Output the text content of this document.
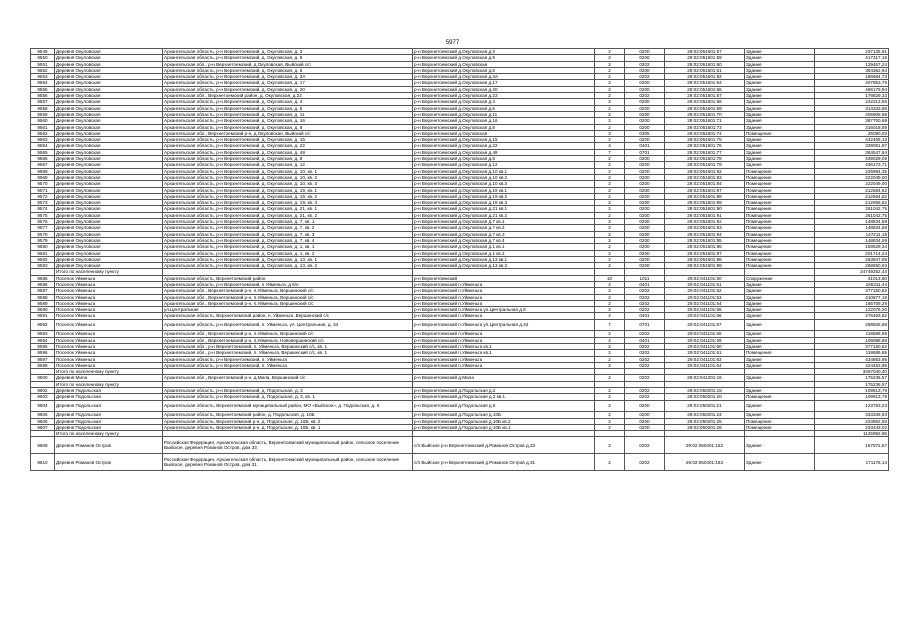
5977
9549	Деревня Окуловская	Архангельская область, р-н Верхнетоемский, д. Окуловская, д. 3	р-н Верхнетоемский д.Окуловская д.3	2	0200	29:02:051601:57	Здание	237135,91
9550	Деревня Окуловская	Архангельская область, р-н Верхнетоемский, д. Окуловская, д. 9	р-н Верхнетоемский д.Окуловская д.9	2	0200	29:02:051601:59	Здание	417317,16
9551	Деревня Окуловская	Архангельская обл., р-н Верхнетоемский, д.Окуловская, Выйский с/с	р-н Верхнетоемский д.Окуловская	2	0202	29:02:051601:60	Здание	129457,24
9552	Деревня Окуловская	Архангельская область, р-н Верхнетоемский, д. Окуловская, д. 5	р-н Верхнетоемский д.Окуловская д.5	2	0200	29:02:051601:61	Здание	384362,94
9553	Деревня Окуловская	Архангельская область, р-н Верхнетоемский, д. Окуловская, д. 3А	р-н Верхнетоемский д.Окуловская д.3А	2	0202	29:02:051601:62	Здание	186684,73
9554	Деревня Окуловская	Архангельская область, р-н Верхнетоемский, д. Окуловская, д. 17	р-н Верхнетоемский д.Окуловская д.17	2	0200	29:02:051601:64	Здание	407853,75
9555	Деревня Окуловская	Архангельская область, р-н Верхнетоемский, д. Окуловская, д. 20	р-н Верхнетоемский д.Окуловская д.20	2	0200	29:02:051601:66	Здание	466179,94
9556	Деревня Окуловская	Архангельская обл., Верхнетоемский район, д. Окуловская, д.23	р-н Верхнетоемский д.Окуловская д.23	2	0202	29:02:051601:67	Здание	178829,33
9557	Деревня Окуловская	Архангельская область, р-н Верхнетоемский, д. Окуловская, д. 4	р-н Верхнетоемский д.Окуловская д.4	2	0200	29:02:051601:68	Здание	242313,55
9558	Деревня Окуловская	Архангельская область, р-н Верхнетоемский, д. Окуловская, д. 5	р-н Верхнетоемский д.Окуловская д.5	2	0200	29:02:051601:69	Здание	314333,95
9559	Деревня Окуловская	Архангельская область, р-н Верхнетоемский, д. Окуловская, д. 11	р-н Верхнетоемский д.Окуловская д.11	2	0200	29:02:051601:70	Здание	405908,98
9560	Деревня Окуловская	Архангельская область, р-н Верхнетоемский, д. Окуловская, д. 16	р-н Верхнетоемский д.Окуловская д.16	2	0200	29:02:051601:71	Здание	387700,69
9561	Деревня Окуловская	Архангельская область, р-н Верхнетоемский, д. Окуловская, д. 8	р-н Верхнетоемский д.Окуловская д.8	2	0200	29:02:051601:73	Здание	316018,69
9562	Деревня Окуловская	Архангельская обл., Верхнетоемский р-н, д.Окуловская, Выйский с/с	р-н Верхнетоемский д.Окуловская	3	0305	29:02:051601:74	Помещение	25090,03
9563	Деревня Окуловская	Архангельская область, р-н Верхнетоемский, д. Окуловская, д. 15	р-н Верхнетоемский д.Окуловская д.15	2	0200	29:02:051601:75	Здание	442405,13
9564	Деревня Окуловская	Архангельская область, р-н Верхнетоемский, д. Окуловская, д. 22	р-н Верхнетоемский д.Окуловская д.22	4	0401	29:02:051601:76	Здание	339081,97
9565	Деревня Окуловская	Архангельская область, р-н Верхнетоемский, д. Окуловская, д. 48	р-н Верхнетоемский д.Окуловская д.48	7	0701	29:02:051601:77	Здание	364547,64
9566	Деревня Окуловская	Архангельская область, р-н Верхнетоемский, д. Окуловская, д. 8	р-н Верхнетоемский д.Окуловская д.8	2	0200	29:02:051601:78	Здание	439029,09
9567	Деревня Окуловская	Архангельская область, р-н Верхнетоемский, д. Окуловская, д. 12	р-н Верхнетоемский д.Окуловская д.12	2	0200	29:02:051601:79	Здание	436173,71
9568	Деревня Окуловская	Архангельская область, р-н Верхнетоемский, д. Окуловская, д. 10, кв. 1	р-н Верхнетоемский д.Окуловская д.10 кв.1	2	0200	29:02:051601:82	Помещение	225994,35
9569	Деревня Окуловская	Архангельская область, р-н Верхнетоемский, д. Окуловская, д. 10, кв. 2	р-н Верхнетоемский д.Окуловская д.10 кв.2	2	0200	29:02:051601:83	Помещение	222049,00
9570	Деревня Окуловская	Архангельская область, р-н Верхнетоемский, д. Окуловская, д. 10, кв. 3	р-н Верхнетоемский д.Окуловская д.10 кв.3	2	0200	29:02:051601:84	Помещение	222049,00
9571	Деревня Окуловская	Архангельская область, р-н Верхнетоемский, д. Окуловская, д. 19, кв. 1	р-н Верхнетоемский д.Окуловская д.19 кв.1	2	0200	29:02:051601:87	Помещение	212584,62
9572	Деревня Окуловская	Архангельская область, р-н Верхнетоемский, д. Окуловская, д. 19, кв. 2	р-н Верхнетоемский д.Окуловская д.19 кв.2	2	0200	29:02:051601:88	Помещение	212584,62
9573	Деревня Окуловская	Архангельская область, р-н Верхнетоемский, д. Окуловская, д. 19, кв. 3	р-н Верхнетоемский д.Окуловская д.19 кв.3	2	0200	29:02:051601:89	Помещение	212556,62
9574	Деревня Окуловская	Архангельская область, р-н Верхнетоемский, д. Окуловская, д. 21, кв. 1	р-н Верхнетоемский д.Окуловская д.21 кв.1	2	0200	29:02:051601:90	Помещение	261042,75
9575	Деревня Окуловская	Архангельская область, р-н Верхнетоемский, д. Окуловская, д. 21, кв. 2	р-н Верхнетоемский д.Окуловская д.21 кв.2	2	0200	29:02:051601:91	Помещение	261042,75
9576	Деревня Окуловская	Архангельская область, р-н Верхнетоемский, д. Окуловская, д. 7, кв. 1	р-н Верхнетоемский д.Окуловская д.7 кв.1	2	0200	29:02:051601:92	Помещение	148834,59
9577	Деревня Окуловская	Архангельская область, р-н Верхнетоемский, д. Окуловская, д. 7, кв. 2	р-н Верхнетоемский д.Окуловская д.7 кв.2	2	0200	29:02:051601:93	Помещение	148834,59
9578	Деревня Окуловская	Архангельская область, р-н Верхнетоемский, д. Окуловская, д. 7, кв. 3	р-н Верхнетоемский д.Окуловская д.7 кв.3	2	0200	29:02:051601:94	Помещение	147211,18
9579	Деревня Окуловская	Архангельская область, р-н Верхнетоемский, д. Окуловская, д. 7, кв. 4	р-н Верхнетоемский д.Окуловская д.7 кв.4	2	0200	29:02:051601:95	Помещение	148834,59
9580	Деревня Окуловская	Архангельская область, р-н Верхнетоемский, д. Окуловская, д. 1, кв. 1	р-н Верхнетоемский д.Окуловская д.1 кв.1	2	0200	29:02:051601:96	Помещение	159529,34
9581	Деревня Окуловская	Архангельская область, р-н Верхнетоемский, д. Окуловская, д. 1, кв. 2	р-н Верхнетоемский д.Окуловская д.1 кв.2	2	0200	29:02:051601:97	Помещение	201714,24
9582	Деревня Окуловская	Архангельская область, р-н Верхнетоемский, д. Окуловская, д. 13, кв. 1	р-н Верхнетоемский д.Окуловская д.13 кв.1	2	0200	29:02:051601:98	Помещение	263847,65
9583	Деревня Окуловская	Архангельская область, р-н Верхнетоемский, д. Окуловская, д. 13, кв. 2	р-н Верхнетоемский д.Окуловская д.13 кв.2	2	0200	29:02:051601:99	Помещение	268650,63
	Итого по населенному пункту							24749252,44
9585	Поселок Уйменьга	Архангельская область, Верхнетоемский район	р-н Верхнетоемский	10	1011	29:02:041101:50	Сооружение	41013,50
9586	Поселок Уйменьга	Архангельская область, р-н Верхнетоемский, п Уйменьга, д 6/н	р-н Верхнетоемский п.Уйменьга	4	0401	29:02:041101:51	Здание	185311,44
9587	Поселок Уйменьга	Архангельская обл., Верхнетоемский р-н, п.Уйменьга, Вершинский с/с	р-н Верхнетоемский п.Уйменьга	2	0202	29:02:041101:52	Здание	377150,82
9588	Поселок Уйменьга	Архангельская обл., Верхнетоемский р-н, п.Уйменьга, Вершинский с/с	р-н Верхнетоемский п.Уйменьга	2	0202	29:02:041101:53	Здание	410877,16
9589	Поселок Уйменьга	Архангельская обл., Верхнетоемский р-н, п.Уйменьга, Вершинский с/с	р-н Верхнетоемский п.Уйменьга	2	0202	29:02:041101:54	Здание	186709,29
9590	Поселок Уйменьга	ул.Центральная	р-н Верхнетоемский п.Уйменьга ул.Центральная д.8	2	0202	29:02:041101:55	Здание	122076,20
9591	Поселок Уйменьга	Архангельская область, Верхнетоемский район, п. Уйменьга ,Вершинский с/с	р-н Верхнетоемский п.Уйменьга	4	0401	29:02:041101:56	Здание	276463,82
9592	Поселок Уйменьга	Архангельская область, р-н Верхнетоемский, п. Уйменьга, ул. Центральная, д. 34	р-н Верхнетоемский п.Уйменьга ул.Центральная д.34	7	0701	29:02:041101:57	Здание	298606,68
9593	Поселок Уйменьга	Архангельская обл., Верхнетоемский р-н, п.Уйменьга, Вершинский с/с	р-н Верхнетоемский п.Уйменьга	2	0202	29:02:041101:58	Здание	119586,95
9594	Поселок Уйменьга	Архангельская обл., Верхнетоемский р-н, п.Уйменьга, Нововершинский с/с	р-н Верхнетоемский п.Уйменьга	4	0401	29:02:041101:59	Здание	109088,88
9595	Поселок Уйменьга	Архангельская обл., р-н Верхнетоемский, п. Уйменьга, Вершинский с/с, кв. 1	р-н Верхнетоемский п.Уйменьга кв.1	2	0202	29:02:041101:60	Здание	377150,82
9596	Поселок Уйменьга	Архангельская обл., р-н Верхнетоемский, п. Уйменьга, Вершинский с/с, кв. 1	р-н Верхнетоемский п.Уйменьга кв.1	2	0202	29:02:041101:61	Помещение	119586,95
9597	Поселок Уйменьга	Архангельская область, р-н Верхнетоемский, п. Уйменьга	р-н Верхнетоемский п.Уйменьга	2	0202	29:02:041101:63	Здание	434863,95
9598	Поселок Уйменьга	Архангельская область, р-н Верхнетоемский, п. Уйменьга	р-н Верхнетоемский п.Уйменьга	2	0202	29:02:041101:64	Здание	424453,95
	Итого по населенному пункту							3457040,40
9600	Деревня Мила	Архангельская обл., Верхнетоемский р-н, д.Мила, Вершинский с/с	р-н Верхнетоемский д.Мила	2	0202	29:02:041201:16	Здание	175236,57
	Итого по населенному пункту							175236,57
9602	Деревня Подольская	Архангельская область, р-н Верхнетоемский, д. Подольская, д. 2	р-н Верхнетоемский д.Подольская д.2	2	0202	29:02:050201:19	Здание	109813,79
9603	Деревня Подольская	Архангельская область, р-н Верхнетоемский, д. Подольская, д. 2, кв. 1	р-н Верхнетоемский д.Подольская д.2 кв.1	2	0202	29:02:050201:20	Помещение	109813,79
9604	Деревня Подольская	Архангельская область, Верхнетоемский муниципальный район, МО «Выйское», д. Подольская, д. 6	р-н Верхнетоемский д.Подольская д.6	2	0200	29:02:050201:21	Здание	123783,23
9605	Деревня Подольская	Архангельская область, Верхнетоемский район, д. Подольская, д. 10Б	р-н Верхнетоемский д.Подольская д.10Б	2	0200	29:02:050201:24	Здание	333336,63
9606	Деревня Подольская	Архангельская область, Верхнетоемский р-н, д. Подольская, д. 10Б, кв. 2	р-н Верхнетоемский д.Подольская д.10Б кв.2	2	0200	29:02:050201:25	Помещение	223852,50
9607	Деревня Подольская	Архангельская область, Верхнетоемский р-н, д. Подольская, д. 10Б, кв. 1	р-н Верхнетоемский д.Подольская д.10Б кв.1	2	0200	29:02:050201:26	Помещение	233443,02
	Итого по населенному пункту							1125992,96
9609	Деревня Романов Остров	Российская Федерация, Архангельская область, Верхнетоемский муниципальный район, сельское поселение Выйское, деревня Романов Остров, дом 33	с/п Выйское р-н Верхнетоемский д.Романов Остров д.33	2	0202	29:02:050401:162	Здание	167972,57
9610	Деревня Романов Остров	Российская Федерация, Архангельская область, Верхнетоемский муниципальный район, сельское поселение Выйское, деревня Романов Остров, дом 31	с/п Выйское р-н Верхнетоемский д.Романов Остров д.31	2	0202	29:02:050401:163	Здание	171178,14
